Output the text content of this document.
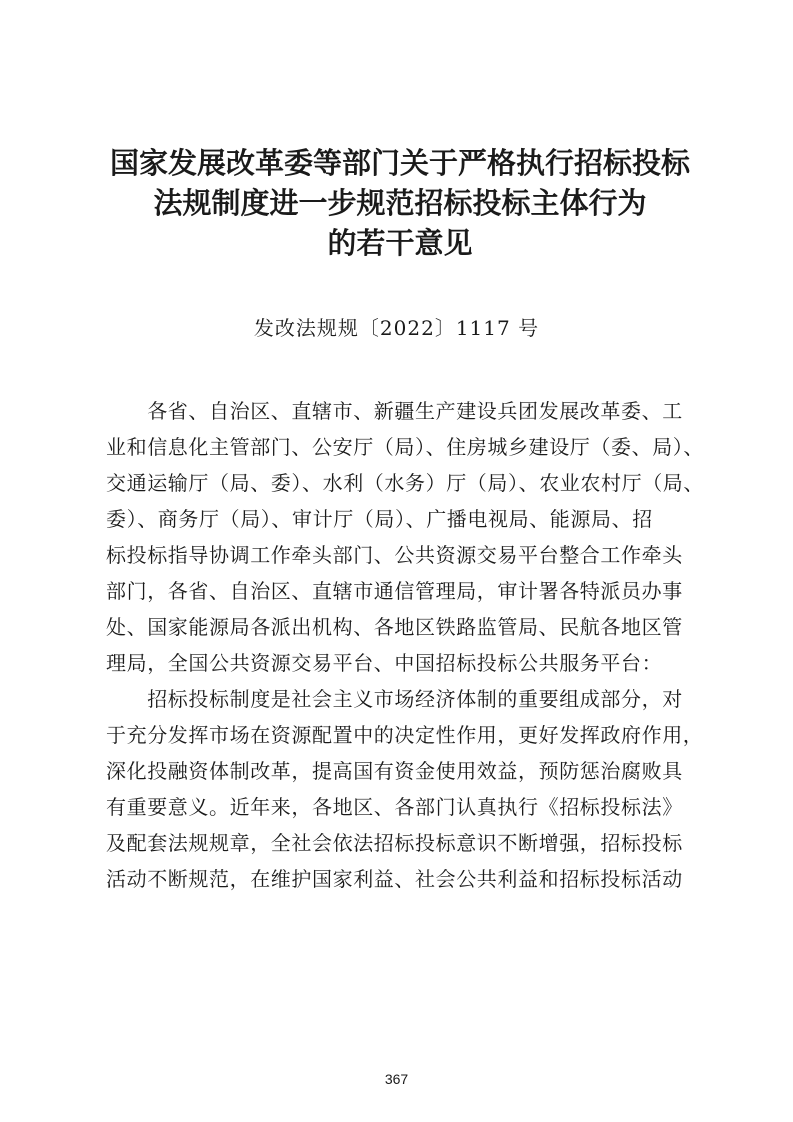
国家发展改革委等部门关于严格执行招标投标
法规制度进一步规范招标投标主体行为
的若干意见
发改法规规〔2022〕1117 号
　　各省、自治区、直辖市、新疆生产建设兵团发展改革委、工
业和信息化主管部门、公安厅（局）、住房城乡建设厅（委、局）、
交通运输厅（局、委）、水利（水务）厅（局）、农业农村厅（局、
委）、商务厅（局）、审计厅（局）、广播电视局、能源局、招
标投标指导协调工作牵头部门、公共资源交易平台整合工作牵头
部门，各省、自治区、直辖市通信管理局，审计署各特派员办事
处、国家能源局各派出机构、各地区铁路监管局、民航各地区管
理局，全国公共资源交易平台、中国招标投标公共服务平台：
　　招标投标制度是社会主义市场经济体制的重要组成部分，对
于充分发挥市场在资源配置中的决定性作用，更好发挥政府作用，
深化投融资体制改革，提高国有资金使用效益，预防惩治腐败具
有重要意义。近年来，各地区、各部门认真执行《招标投标法》
及配套法规规章，全社会依法招标投标意识不断增强，招标投标
活动不断规范，在维护国家利益、社会公共利益和招标投标活动
367
